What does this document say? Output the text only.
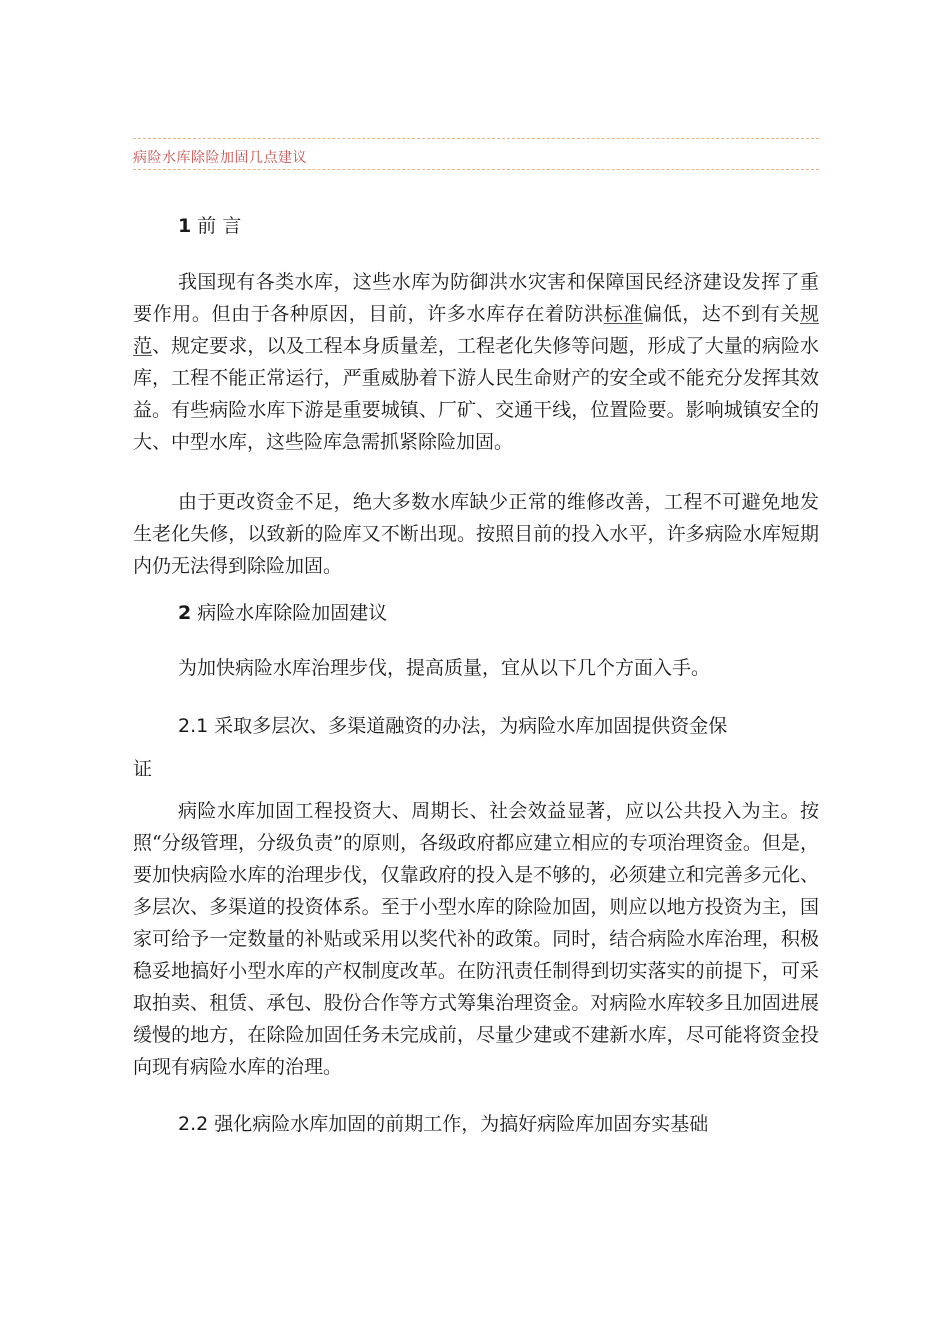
病险水库除险加固几点建议
1 前 言

我国现有各类水库，这些水库为防御洪水灾害和保障国民经济建设发挥了重要作用。但由于各种原因，目前，许多水库存在着防洪标准偏低，达不到有关规范、规定要求，以及工程本身质量差，工程老化失修等问题，形成了大量的病险水库，工程不能正常运行，严重威胁着下游人民生命财产的安全或不能充分发挥其效益。有些病险水库下游是重要城镇、厂矿、交通干线，位置险要。影响城镇安全的大、中型水库，这些险库急需抓紧除险加固。

由于更改资金不足，绝大多数水库缺少正常的维修改善，工程不可避免地发生老化失修，以致新的险库又不断出现。按照目前的投入水平，许多病险水库短期内仍无法得到除险加固。

2 病险水库除险加固建议
为加快病险水库治理步伐，提高质量，宜从以下几个方面入手。
2.1 采取多层次、多渠道融资的办法，为病险水库加固提供资金保
证

病险水库加固工程投资大、周期长、社会效益显著，应以公共投入为主。按照“分级管理，分级负责”的原则，各级政府都应建立相应的专项治理资金。但是，要加快病险水库的治理步伐，仅靠政府的投入是不够的，必须建立和完善多元化、多层次、多渠道的投资体系。至于小型水库的除险加固，则应以地方投资为主，国家可给予一定数量的补贴或采用以奖代补的政策。同时，结合病险水库治理，积极稳妥地搞好小型水库的产权制度改革。在防汛责任制得到切实落实的前提下，可采取拍卖、租赁、承包、股份合作等方式筹集治理资金。对病险水库较多且加固进展缓慢的地方，在除险加固任务未完成前，尽量少建或不建新水库，尽可能将资金投向现有病险水库的治理。

2.2 强化病险水库加固的前期工作，为搞好病险库加固夯实基础
